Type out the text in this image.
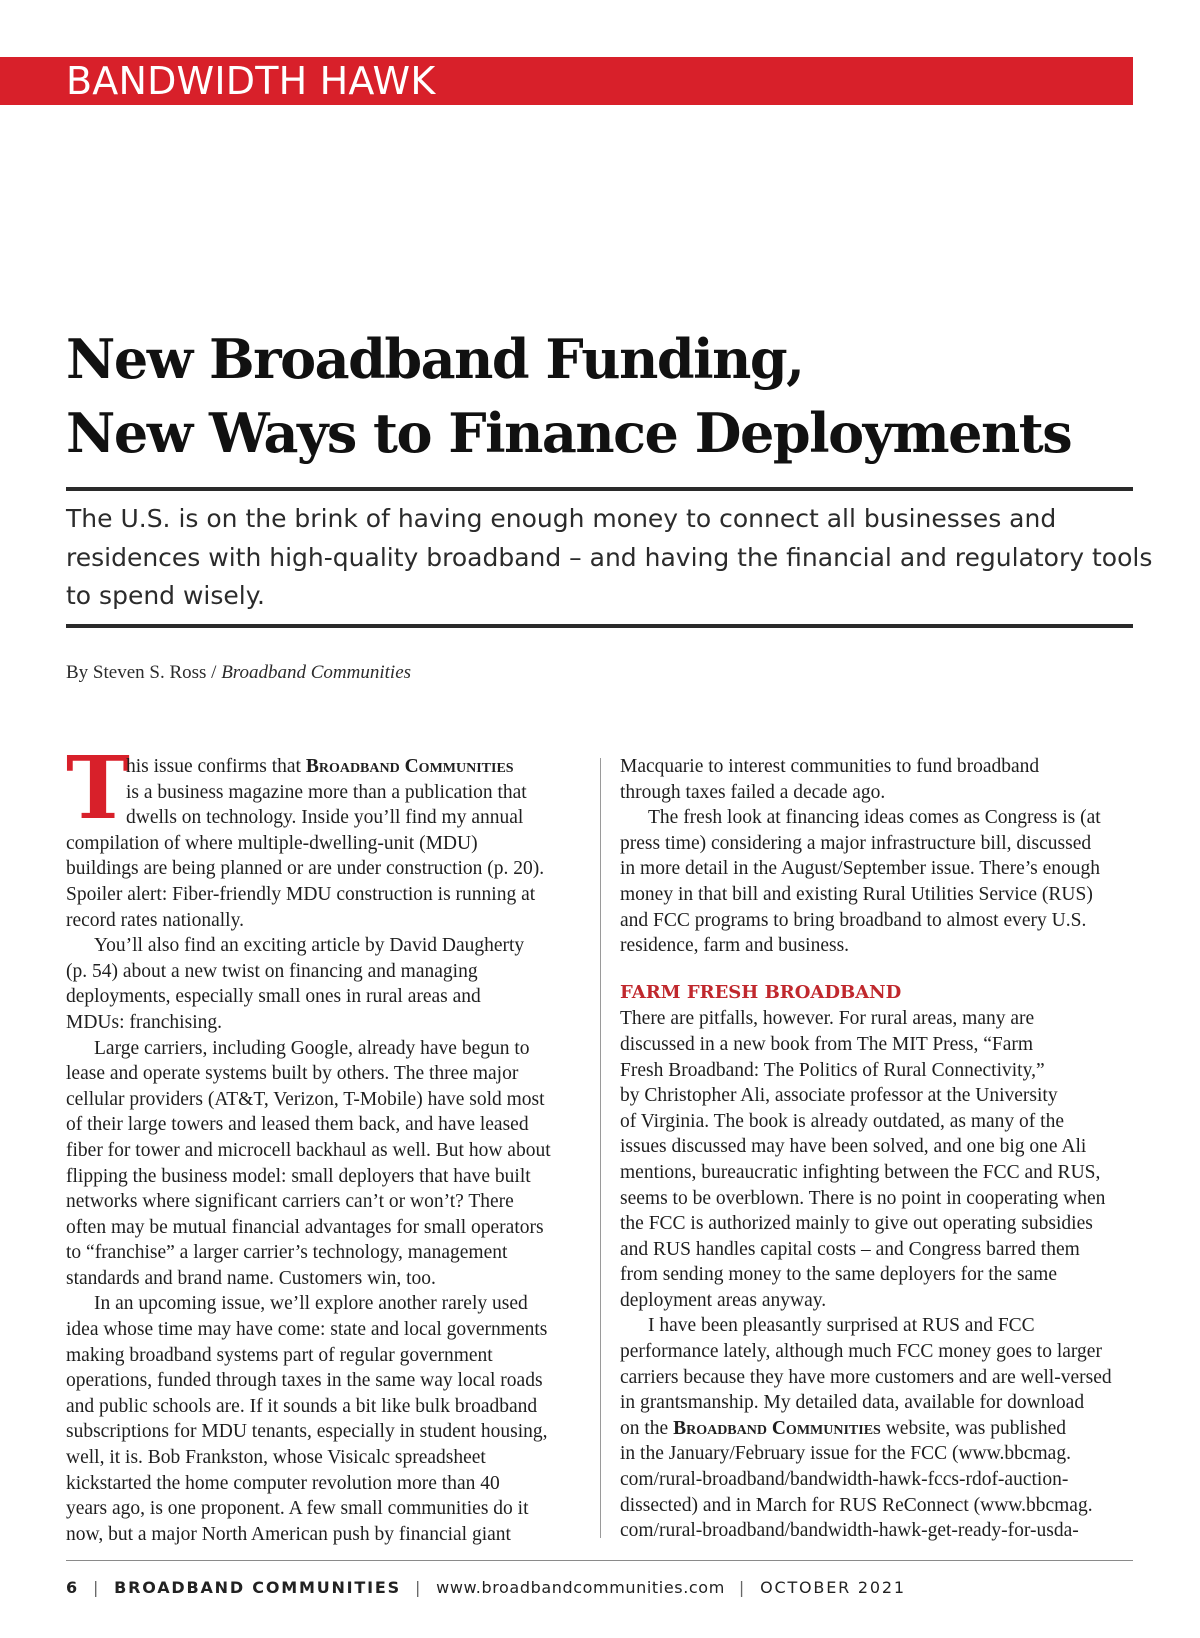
BANDWIDTH HAWK
New Broadband Funding,
New Ways to Finance Deployments
The U.S. is on the brink of having enough money to connect all businesses and
residences with high-quality broadband – and having the financial and regulatory tools
to spend wisely.
By Steven S. Ross / Broadband Communities
T
his issue confirms that Broadband Communities
is a business magazine more than a publication that
dwells on technology. Inside you’ll find my annual
compilation of where multiple-dwelling-unit (MDU)
buildings are being planned or are under construction (p. 20).
Spoiler alert: Fiber-friendly MDU construction is running at
record rates nationally.
You’ll also find an exciting article by David Daugherty
(p. 54) about a new twist on financing and managing
deployments, especially small ones in rural areas and
MDUs: franchising.
Large carriers, including Google, already have begun to
lease and operate systems built by others. The three major
cellular providers (AT&T, Verizon, T-Mobile) have sold most
of their large towers and leased them back, and have leased
fiber for tower and microcell backhaul as well. But how about
flipping the business model: small deployers that have built
networks where significant carriers can’t or won’t? There
often may be mutual financial advantages for small operators
to “franchise” a larger carrier’s technology, management
standards and brand name. Customers win, too.
In an upcoming issue, we’ll explore another rarely used
idea whose time may have come: state and local governments
making broadband systems part of regular government
operations, funded through taxes in the same way local roads
and public schools are. If it sounds a bit like bulk broadband
subscriptions for MDU tenants, especially in student housing,
well, it is. Bob Frankston, whose Visicalc spreadsheet
kickstarted the home computer revolution more than 40
years ago, is one proponent. A few small communities do it
now, but a major North American push by financial giant
Macquarie to interest communities to fund broadband
through taxes failed a decade ago.
The fresh look at financing ideas comes as Congress is (at
press time) considering a major infrastructure bill, discussed
in more detail in the August/September issue. There’s enough
money in that bill and existing Rural Utilities Service (RUS)
and FCC programs to bring broadband to almost every U.S.
residence, farm and business.
FARM FRESH BROADBAND
There are pitfalls, however. For rural areas, many are
discussed in a new book from The MIT Press, “Farm
Fresh Broadband: The Politics of Rural Connectivity,”
by Christopher Ali, associate professor at the University
of Virginia. The book is already outdated, as many of the
issues discussed may have been solved, and one big one Ali
mentions, bureaucratic infighting between the FCC and RUS,
seems to be overblown. There is no point in cooperating when
the FCC is authorized mainly to give out operating subsidies
and RUS handles capital costs – and Congress barred them
from sending money to the same deployers for the same
deployment areas anyway.
I have been pleasantly surprised at RUS and FCC
performance lately, although much FCC money goes to larger
carriers because they have more customers and are well-versed
in grantsmanship. My detailed data, available for download
on the Broadband Communities website, was published
in the January/February issue for the FCC (www.bbcmag.
com/rural-broadband/bandwidth-hawk-fccs-rdof-auction-
dissected) and in March for RUS ReConnect (www.bbcmag.
com/rural-broadband/bandwidth-hawk-get-ready-for-usda-
6 | BROADBAND COMMUNITIES | www.broadbandcommunities.com | OCTOBER 2021
